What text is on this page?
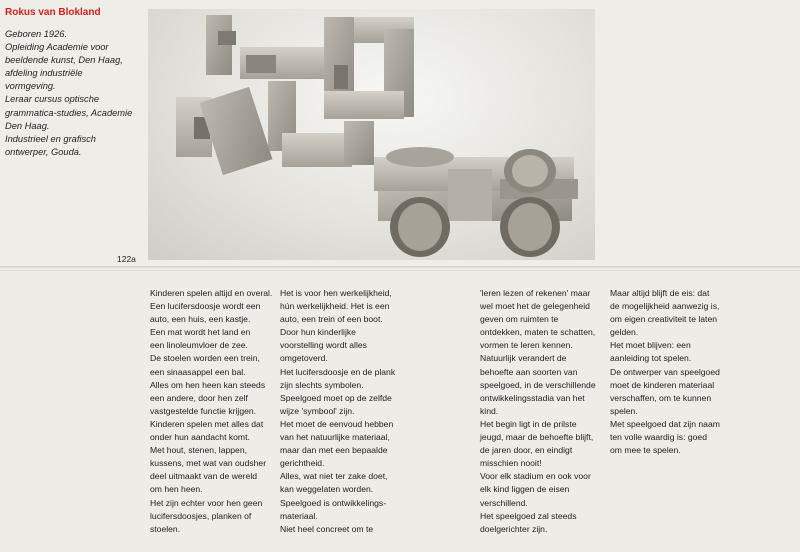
Rokus van Blokland
Geboren 1926.
Opleiding Academie voor
beeldende kunst, Den Haag,
afdeling industriële
vormgeving.
Leraar cursus optische
grammatica-studies, Academie
Den Haag.
Industrieel en grafisch
ontwerper, Gouda.
122a
Kinderen spelen altijd en overal.
Een lucifersdoosje wordt een
auto, een huis, een kastje.
Een mat wordt het land en
een linoleumvloer de zee.
De stoelen worden een trein,
een sinaasappel een bal.
Alles om hen heen kan steeds
een andere, door hen zelf
vastgestelde functie krijgen.
Kinderen spelen met alles dat
onder hun aandacht komt.
Met hout, stenen, lappen,
kussens, met wat van oudsher
deel uitmaakt van de wereld
om hen heen.
Het zijn echter voor hen geen
lucifersdoosjes, planken of
stoelen.
Het is voor hen werkelijkheid,
hún werkelijkheid. Het is een
auto, een trein of een boot.
Door hun kinderlijke
voorstelling wordt alles
omgetoverd.
Het lucifersdoosje en de plank
zijn slechts symbolen.
Speelgoed moet op de zelfde
wijze 'symbool' zijn.
Het moet de eenvoud hebben
van het natuurlijke materiaal,
maar dan met een bepaalde
gerichtheid.
Alles, wat niet ter zake doet,
kan weggelaten worden.
Speelgoed is ontwikkelings-
materiaal.
Niet heel concreet om te
'leren lezen of rekenen' maar
wel moet het de gelegenheid
geven om ruimten te
ontdekken, maten te schatten,
vormen te leren kennen.
Natuurlijk verandert de
behoefte aan soorten van
speelgoed, in de verschillende
ontwikkelingsstadia van het
kind.
Het begin ligt in de prilste
jeugd, maar de behoefte blijft,
de jaren door, en eindigt
misschien nooit!
Voor elk stadium en ook voor
elk kind liggen de eisen
verschillend.
Het speelgoed zal steeds
doelgerichter zijn.
Maar altijd blijft de eis: dat
de mogelijkheid aanwezig is,
om eigen creativiteit te laten
gelden.
Het moet blijven: een
aanleiding tot spelen.
De ontwerper van speelgoed
moet de kinderen materiaal
verschaffen, om te kunnen
spelen.
Met speelgoed dat zijn naam
ten volle waardig is: goed
om mee te spelen.
